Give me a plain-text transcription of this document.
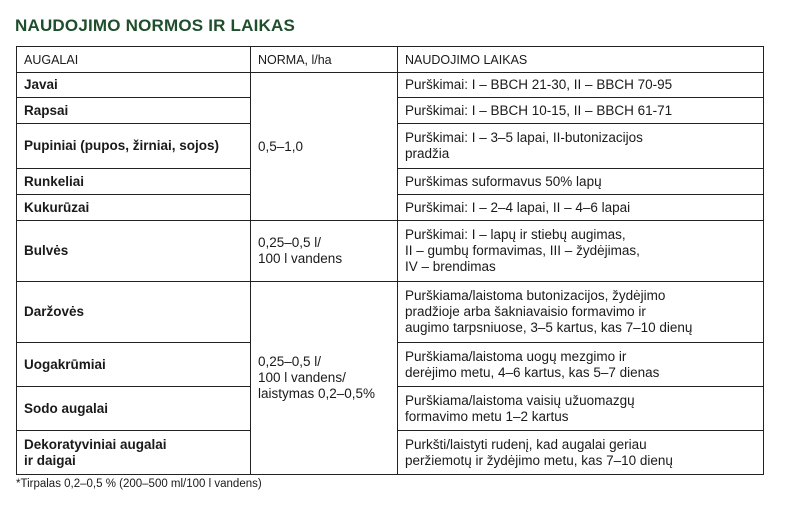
NAUDOJIMO NORMOS IR LAIKAS
AUGALAI	NORMA, l/ha	NAUDOJIMO LAIKAS
Javai	0,5–1,0	Purškimai: I – BBCH 21-30, II – BBCH 70-95
Rapsai		Purškimai: I – BBCH 10-15, II – BBCH 61-71
Pupiniai (pupos, žirniai, sojos)		Purškimai: I – 3–5 lapai, II-butonizacijos
pradžia
Runkeliai		Purškimas suformavus 50% lapų
Kukurūzai		Purškimai: I – 2–4 lapai, II – 4–6 lapai
Bulvės	0,25–0,5 l/
100 l vandens	Purškimai: I – lapų ir stiebų augimas,
II – gumbų formavimas, III – žydėjimas,
IV – brendimas
Daržovės	0,25–0,5 l/
100 l vandens/
laistymas 0,2–0,5%	Purškiama/laistoma butonizacijos, žydėjimo
pradžioje arba šakniavaisio formavimo ir
augimo tarpsniuose, 3–5 kartus, kas 7–10 dienų
Uogakrūmiai		Purškiama/laistoma uogų mezgimo ir
derėjimo metu, 4–6 kartus, kas 5–7 dienas
Sodo augalai		Purškiama/laistoma vaisių užuomazgų
formavimo metu 1–2 kartus
Dekoratyviniai augalai
ir daigai		Purkšti/laistyti rudenį, kad augalai geriau
peržiemotų ir žydėjimo metu, kas 7–10 dienų
*Tirpalas 0,2–0,5 % (200–500 ml/100 l vandens)
